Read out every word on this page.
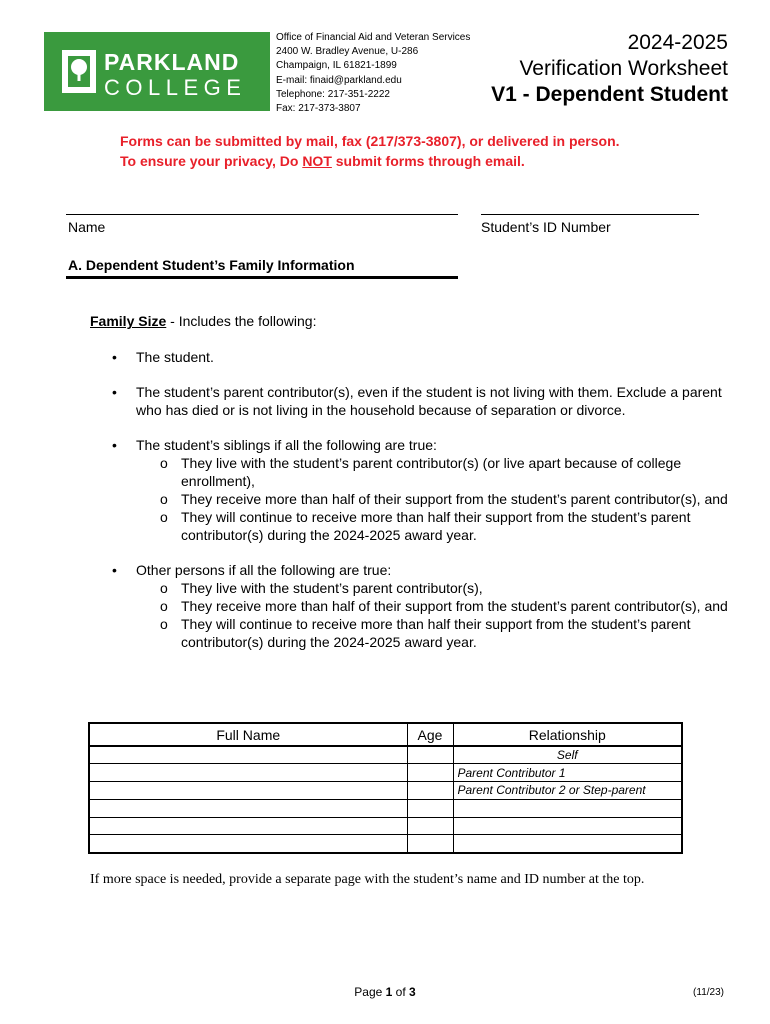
PARKLAND
COLLEGE
Office of Financial Aid and Veteran Services
2400 W. Bradley Avenue, U-286
Champaign, IL 61821-1899
E-mail: finaid@parkland.edu
Telephone: 217-351-2222
Fax: 217-373-3807
2024-2025
Verification Worksheet
V1 - Dependent Student
Forms can be submitted by mail, fax (217/373-3807), or delivered in person.
To ensure your privacy, Do NOT submit forms through email.
Name	Student’s ID Number
A. Dependent Student’s Family Information
Family Size - Includes the following:
• The student.
• The student’s parent contributor(s), even if the student is not living with them. Exclude a parent who has died or is not living in the household because of separation or divorce.
• The student’s siblings if all the following are true:
o They live with the student’s parent contributor(s) (or live apart because of college enrollment),
o They receive more than half of their support from the student’s parent contributor(s), and
o They will continue to receive more than half their support from the student’s parent contributor(s) during the 2024-2025 award year.
• Other persons if all the following are true:
o They live with the student’s parent contributor(s),
o They receive more than half of their support from the student’s parent contributor(s), and
o They will continue to receive more than half their support from the student’s parent contributor(s) during the 2024-2025 award year.
Full Name	Age	Relationship
		Self
		Parent Contributor 1
		Parent Contributor 2 or Step-parent

If more space is needed, provide a separate page with the student’s name and ID number at the top.
Page 1 of 3	(11/23)
